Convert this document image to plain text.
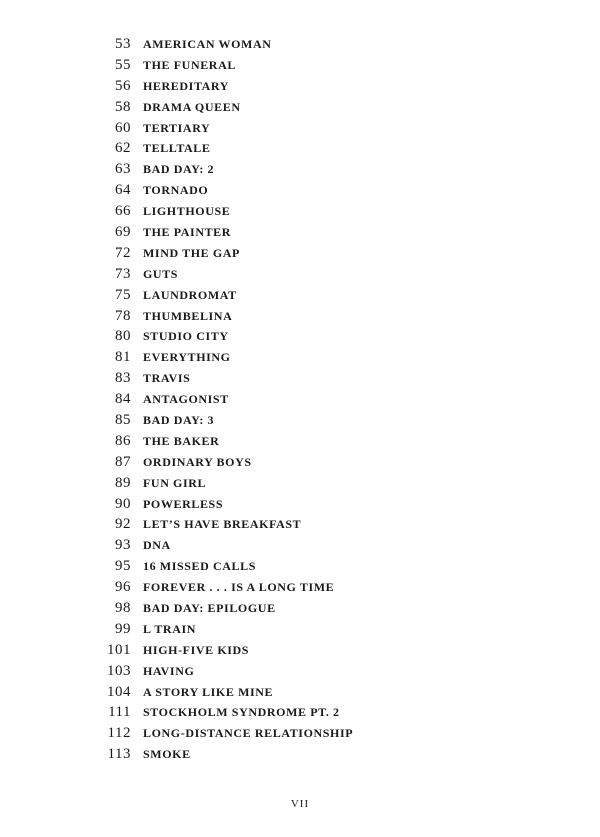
53 AMERICAN WOMAN
55 THE FUNERAL
56 HEREDITARY
58 DRAMA QUEEN
60 TERTIARY
62 TELLTALE
63 BAD DAY: 2
64 TORNADO
66 LIGHTHOUSE
69 THE PAINTER
72 MIND THE GAP
73 GUTS
75 LAUNDROMAT
78 THUMBELINA
80 STUDIO CITY
81 EVERYTHING
83 TRAVIS
84 ANTAGONIST
85 BAD DAY: 3
86 THE BAKER
87 ORDINARY BOYS
89 FUN GIRL
90 POWERLESS
92 LET’S HAVE BREAKFAST
93 DNA
95 16 MISSED CALLS
96 FOREVER . . . IS A LONG TIME
98 BAD DAY: EPILOGUE
99 L TRAIN
101 HIGH-FIVE KIDS
103 HAVING
104 A STORY LIKE MINE
111 STOCKHOLM SYNDROME PT. 2
112 LONG-DISTANCE RELATIONSHIP
113 SMOKE
VII
